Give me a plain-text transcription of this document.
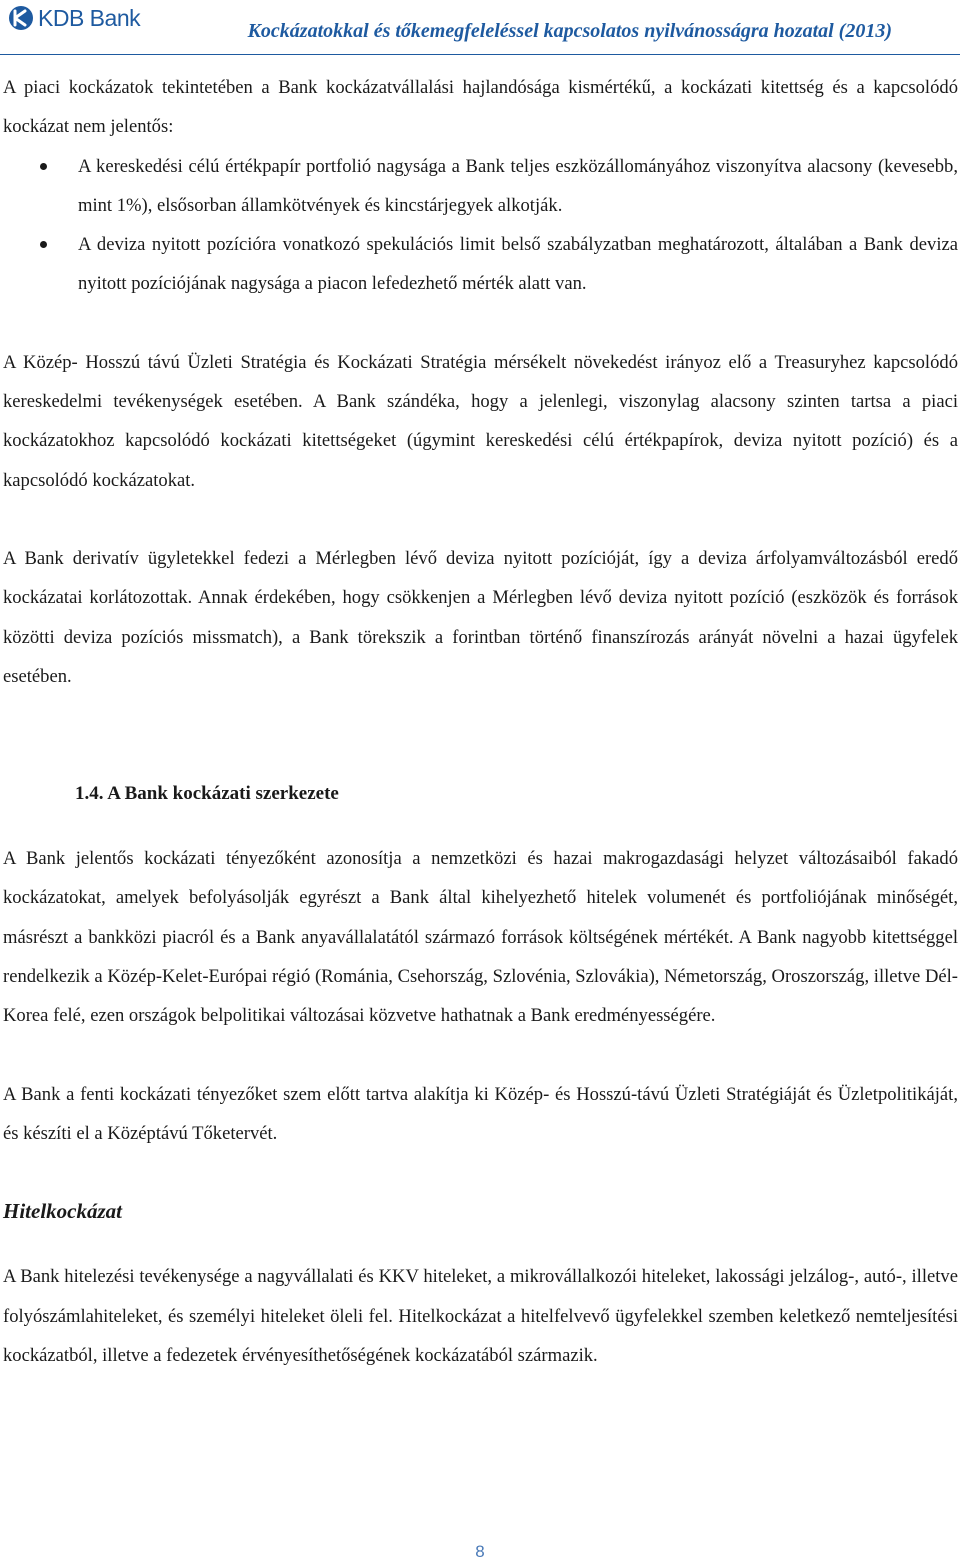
KDB Bank	Kockázatokkal és tőkemegfeleléssel kapcsolatos nyilvánosságra hozatal (2013)

A piaci kockázatok tekintetében a Bank kockázatvállalási hajlandósága kismértékű, a kockázati kitettség és a kapcsolódó kockázat nem jelentős:

A kereskedési célú értékpapír portfolió nagysága a Bank teljes eszközállományához viszonyítva alacsony (kevesebb, mint 1%), elsősorban államkötvények és kincstárjegyek alkotják.
A deviza nyitott pozícióra vonatkozó spekulációs limit belső szabályzatban meghatározott, általában a Bank deviza nyitott pozíciójának nagysága a piacon lefedezhető mérték alatt van.

A Közép- Hosszú távú Üzleti Stratégia és Kockázati Stratégia mérsékelt növekedést irányoz elő a Treasuryhez kapcsolódó kereskedelmi tevékenységek esetében. A Bank szándéka, hogy a jelenlegi, viszonylag alacsony szinten tartsa a piaci kockázatokhoz kapcsolódó kockázati kitettségeket (úgymint kereskedési célú értékpapírok, deviza nyitott pozíció) és a kapcsolódó kockázatokat.

A Bank derivatív ügyletekkel fedezi a Mérlegben lévő deviza nyitott pozícióját, így a deviza árfolyamváltozásból eredő kockázatai korlátozottak. Annak érdekében, hogy csökkenjen a Mérlegben lévő deviza nyitott pozíció (eszközök és források közötti deviza pozíciós missmatch), a Bank törekszik a forintban történő finanszírozás arányát növelni a hazai ügyfelek esetében.

1.4. A Bank kockázati szerkezete

A Bank jelentős kockázati tényezőként azonosítja a nemzetközi és hazai makrogazdasági helyzet változásaiból fakadó kockázatokat, amelyek befolyásolják egyrészt a Bank által kihelyezhető hitelek volumenét és portfoliójának minőségét, másrészt a bankközi piacról és a Bank anyavállalatától származó források költségének mértékét. A Bank nagyobb kitettséggel rendelkezik a Közép-Kelet-Európai régió (Románia, Csehország, Szlovénia, Szlovákia), Németország, Oroszország, illetve Dél-Korea felé, ezen országok belpolitikai változásai közvetve hathatnak a Bank eredményességére.

A Bank a fenti kockázati tényezőket szem előtt tartva alakítja ki Közép- és Hosszú-távú Üzleti Stratégiáját és Üzletpolitikáját, és készíti el a Középtávú Tőketervét.

Hitelkockázat

A Bank hitelezési tevékenysége a nagyvállalati és KKV hiteleket, a mikrovállalkozói hiteleket, lakossági jelzálog-, autó-, illetve folyószámlahiteleket, és személyi hiteleket öleli fel. Hitelkockázat a hitelfelvevő ügyfelekkel szemben keletkező nemteljesítési kockázatból, illetve a fedezetek érvényesíthetőségének kockázatából származik.

8
